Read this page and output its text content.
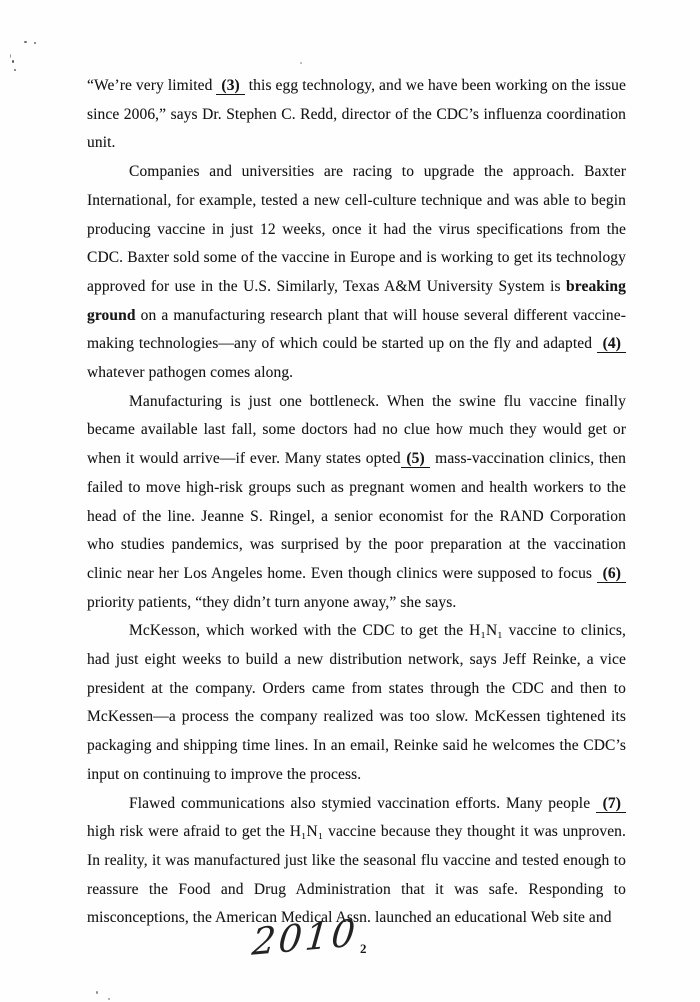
“We’re very limited  (3)  this egg technology, and we have been working on the issue since 2006,” says Dr. Stephen C. Redd, director of the CDC’s influenza coordination unit.

Companies and universities are racing to upgrade the approach. Baxter International, for example, tested a new cell-culture technique and was able to begin producing vaccine in just 12 weeks, once it had the virus specifications from the CDC. Baxter sold some of the vaccine in Europe and is working to get its technology approved for use in the U.S. Similarly, Texas A&M University System is breaking ground on a manufacturing research plant that will house several different vaccine-making technologies—any of which could be started up on the fly and adapted  (4)  whatever pathogen comes along.

Manufacturing is just one bottleneck. When the swine flu vaccine finally became available last fall, some doctors had no clue how much they would get or when it would arrive—if ever. Many states opted (5)  mass-vaccination clinics, then failed to move high-risk groups such as pregnant women and health workers to the head of the line. Jeanne S. Ringel, a senior economist for the RAND Corporation who studies pandemics, was surprised by the poor preparation at the vaccination clinic near her Los Angeles home. Even though clinics were supposed to focus  (6)  priority patients, “they didn’t turn anyone away,” she says.

McKesson, which worked with the CDC to get the H₁N₁ vaccine to clinics, had just eight weeks to build a new distribution network, says Jeff Reinke, a vice president at the company. Orders came from states through the CDC and then to McKessen—a process the company realized was too slow. McKessen tightened its packaging and shipping time lines. In an email, Reinke said he welcomes the CDC’s input on continuing to improve the process.

Flawed communications also stymied vaccination efforts. Many people  (7)  high risk were afraid to get the H₁N₁ vaccine because they thought it was unproven. In reality, it was manufactured just like the seasonal flu vaccine and tested enough to reassure the Food and Drug Administration that it was safe. Responding to misconceptions, the American Medical Assn. launched an educational Web site and

2010 2
